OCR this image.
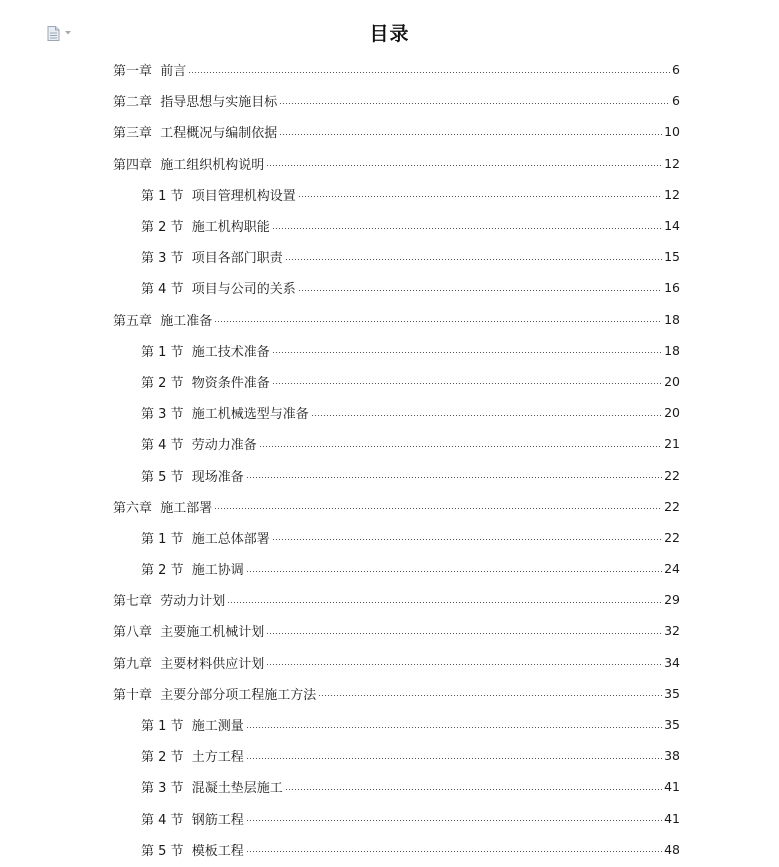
目录
第一章  前言	6
第二章  指导思想与实施目标	6
第三章  工程概况与编制依据	10
第四章  施工组织机构说明	12
第 1 节  项目管理机构设置	12
第 2 节  施工机构职能	14
第 3 节  项目各部门职责	15
第 4 节  项目与公司的关系	16
第五章  施工准备	18
第 1 节  施工技术准备	18
第 2 节  物资条件准备	20
第 3 节  施工机械选型与准备	20
第 4 节  劳动力准备	21
第 5 节  现场准备	22
第六章  施工部署	22
第 1 节  施工总体部署	22
第 2 节  施工协调	24
第七章  劳动力计划	29
第八章  主要施工机械计划	32
第九章  主要材料供应计划	34
第十章  主要分部分项工程施工方法	35
第 1 节  施工测量	35
第 2 节  土方工程	38
第 3 节  混凝土垫层施工	41
第 4 节  钢筋工程	41
第 5 节  模板工程	48
